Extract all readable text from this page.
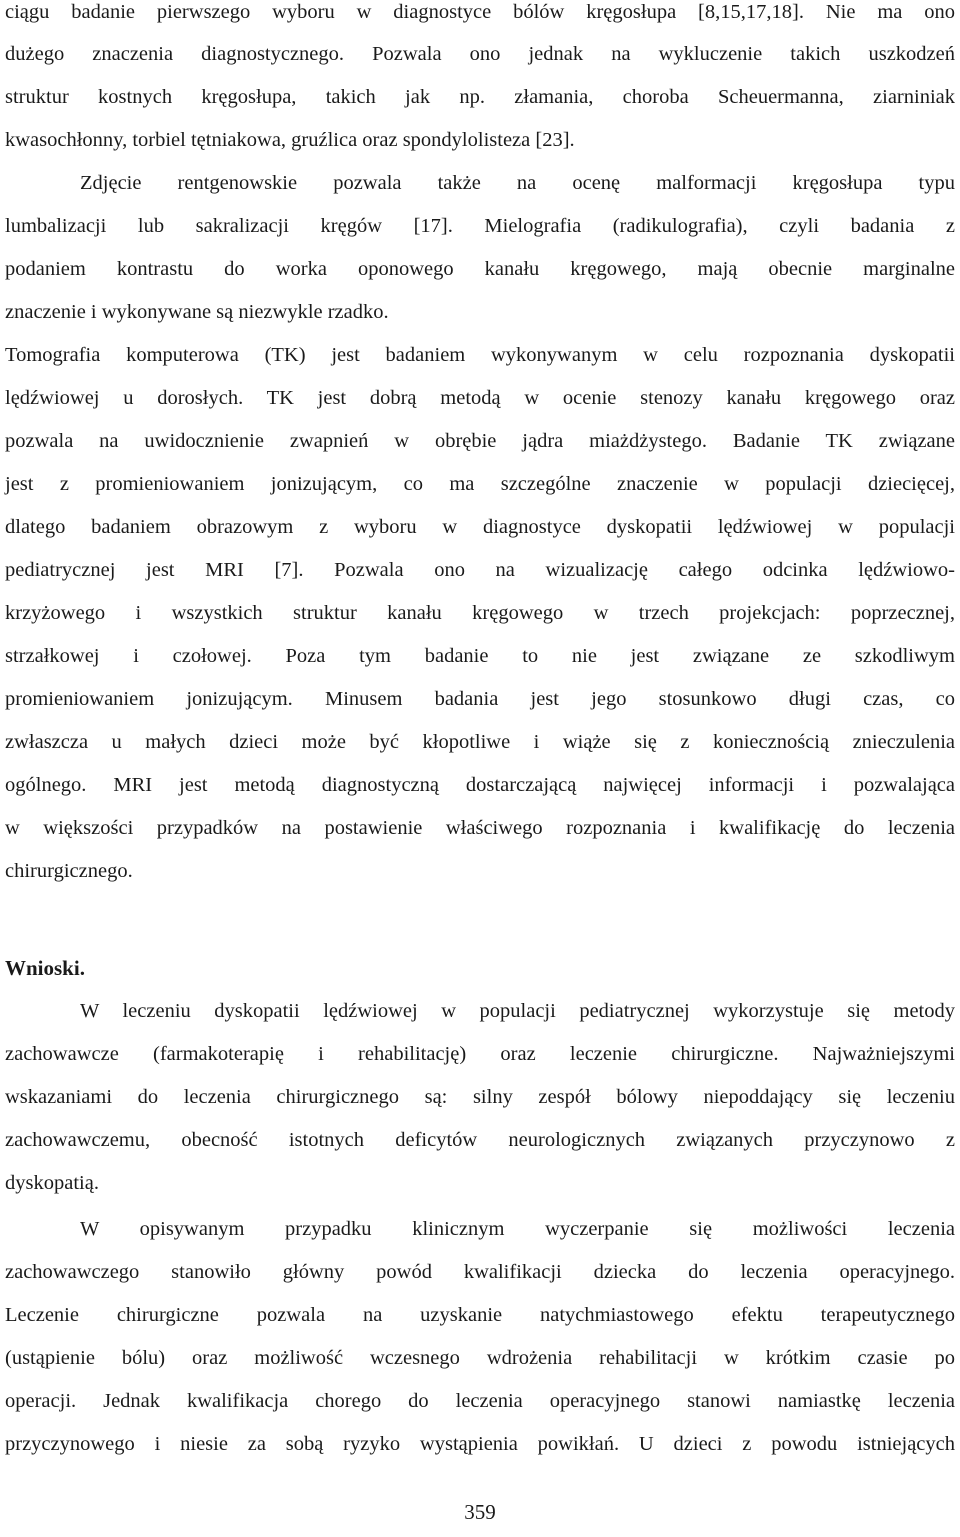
ciągu badanie pierwszego wyboru w diagnostyce bólów kręgosłupa [8,15,17,18]. Nie ma ono
dużego znaczenia diagnostycznego. Pozwala ono jednak na wykluczenie takich uszkodzeń
struktur kostnych kręgosłupa, takich jak np. złamania, choroba Scheuermanna, ziarniniak
kwasochłonny, torbiel tętniakowa, gruźlica oraz spondylolisteza [23].
Zdjęcie rentgenowskie pozwala także na ocenę malformacji kręgosłupa typu
lumbalizacji lub sakralizacji kręgów [17]. Mielografia (radikulografia), czyli badania z
podaniem kontrastu do worka oponowego kanału kręgowego, mają obecnie marginalne
znaczenie i wykonywane są niezwykle rzadko.
Tomografia komputerowa (TK) jest badaniem wykonywanym w celu rozpoznania dyskopatii
lędźwiowej u dorosłych. TK jest dobrą metodą w ocenie stenozy kanału kręgowego oraz
pozwala na uwidocznienie zwapnień w obrębie jądra miażdżystego. Badanie TK związane
jest z promieniowaniem jonizującym, co ma szczególne znaczenie w populacji dziecięcej,
dlatego badaniem obrazowym z wyboru w diagnostyce dyskopatii lędźwiowej w populacji
pediatrycznej jest MRI [7]. Pozwala ono na wizualizację całego odcinka lędźwiowo-
krzyżowego i wszystkich struktur kanału kręgowego w trzech projekcjach: poprzecznej,
strzałkowej i czołowej. Poza tym badanie to nie jest związane ze szkodliwym
promieniowaniem jonizującym. Minusem badania jest jego stosunkowo długi czas, co
zwłaszcza u małych dzieci może być kłopotliwe i wiąże się z koniecznością znieczulenia
ogólnego. MRI jest metodą diagnostyczną dostarczającą najwięcej informacji i pozwalająca
w większości przypadków na postawienie właściwego rozpoznania i kwalifikację do leczenia
chirurgicznego.
Wnioski.
W leczeniu dyskopatii lędźwiowej w populacji pediatrycznej wykorzystuje się metody
zachowawcze (farmakoterapię i rehabilitację) oraz leczenie chirurgiczne. Najważniejszymi
wskazaniami do leczenia chirurgicznego są: silny zespół bólowy niepoddający się leczeniu
zachowawczemu, obecność istotnych deficytów neurologicznych związanych przyczynowo z
dyskopatią.
W opisywanym przypadku klinicznym wyczerpanie się możliwości leczenia
zachowawczego stanowiło główny powód kwalifikacji dziecka do leczenia operacyjnego.
Leczenie chirurgiczne pozwala na uzyskanie natychmiastowego efektu terapeutycznego
(ustąpienie bólu) oraz możliwość wczesnego wdrożenia rehabilitacji w krótkim czasie po
operacji. Jednak kwalifikacja chorego do leczenia operacyjnego stanowi namiastkę leczenia
przyczynowego i niesie za sobą ryzyko wystąpienia powikłań. U dzieci z powodu istniejących
359
